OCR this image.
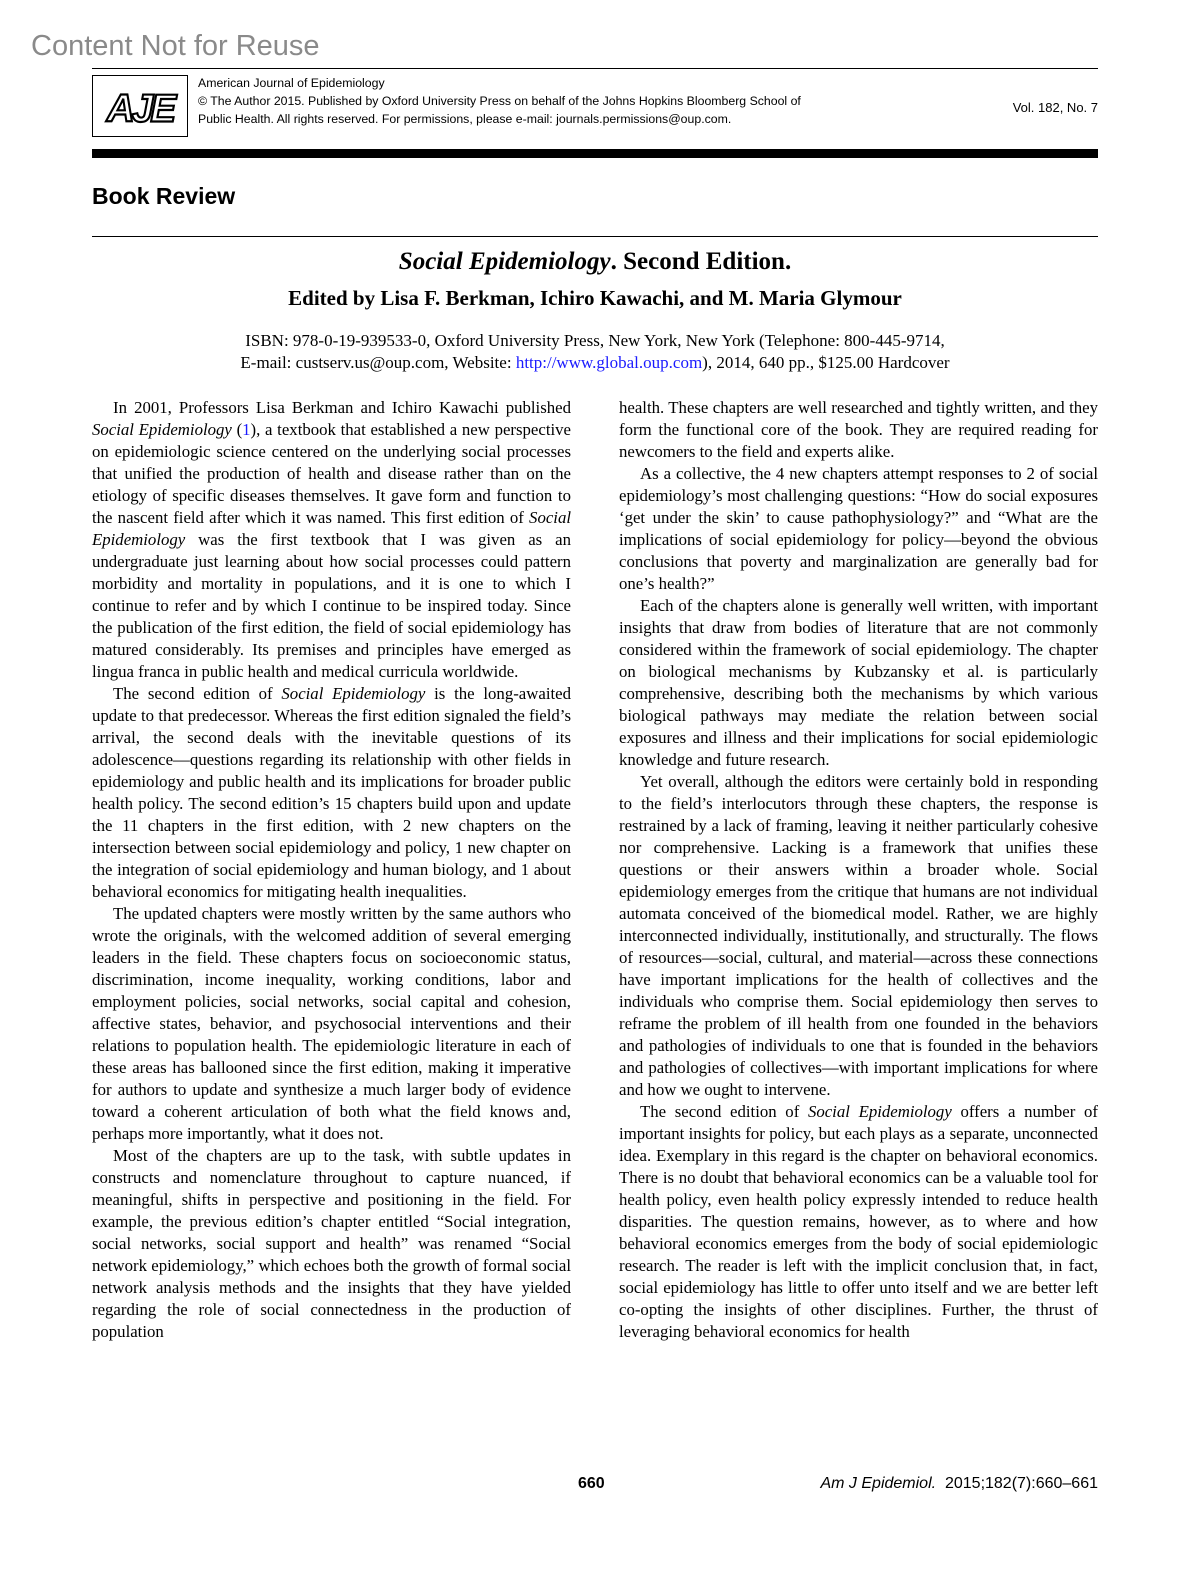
Content Not for Reuse
AJE
American Journal of Epidemiology
© The Author 2015. Published by Oxford University Press on behalf of the Johns Hopkins Bloomberg School of
Public Health. All rights reserved. For permissions, please e-mail: journals.permissions@oup.com.
Vol. 182, No. 7
Book Review
Social Epidemiology. Second Edition.
Edited by Lisa F. Berkman, Ichiro Kawachi, and M. Maria Glymour
ISBN: 978-0-19-939533-0, Oxford University Press, New York, New York (Telephone: 800-445-9714,
E-mail: custserv.us@oup.com, Website: http://www.global.oup.com), 2014, 640 pp., $125.00 Hardcover

In 2001, Professors Lisa Berkman and Ichiro Kawachi published Social Epidemiology (1), a textbook that established a new perspective on epidemiologic science centered on the underlying social processes that unified the production of health and disease rather than on the etiology of specific diseases themselves. It gave form and function to the nascent field after which it was named. This first edition of Social Epidemiology was the first textbook that I was given as an undergraduate just learning about how social processes could pattern morbidity and mortality in populations, and it is one to which I continue to refer and by which I continue to be inspired today. Since the publication of the first edition, the field of social epidemiology has matured considerably. Its premises and principles have emerged as lingua franca in public health and medical curricula worldwide.

The second edition of Social Epidemiology is the long-awaited update to that predecessor. Whereas the first edition signaled the field’s arrival, the second deals with the inevitable questions of its adolescence—questions regarding its relationship with other fields in epidemiology and public health and its implications for broader public health policy. The second edition’s 15 chapters build upon and update the 11 chapters in the first edition, with 2 new chapters on the intersection between social epidemiology and policy, 1 new chapter on the integration of social epidemiology and human biology, and 1 about behavioral economics for mitigating health inequalities.

The updated chapters were mostly written by the same authors who wrote the originals, with the welcomed addition of several emerging leaders in the field. These chapters focus on socioeconomic status, discrimination, income inequality, working conditions, labor and employment policies, social networks, social capital and cohesion, affective states, behavior, and psychosocial interventions and their relations to population health. The epidemiologic literature in each of these areas has ballooned since the first edition, making it imperative for authors to update and synthesize a much larger body of evidence toward a coherent articulation of both what the field knows and, perhaps more importantly, what it does not.

Most of the chapters are up to the task, with subtle updates in constructs and nomenclature throughout to capture nuanced, if meaningful, shifts in perspective and positioning in the field. For example, the previous edition’s chapter entitled “Social integration, social networks, social support and health” was renamed “Social network epidemiology,” which echoes both the growth of formal social network analysis methods and the insights that they have yielded regarding the role of social connectedness in the production of population

health. These chapters are well researched and tightly written, and they form the functional core of the book. They are required reading for newcomers to the field and experts alike.

As a collective, the 4 new chapters attempt responses to 2 of social epidemiology’s most challenging questions: “How do social exposures ‘get under the skin’ to cause pathophysiology?” and “What are the implications of social epidemiology for policy—beyond the obvious conclusions that poverty and marginalization are generally bad for one’s health?”

Each of the chapters alone is generally well written, with important insights that draw from bodies of literature that are not commonly considered within the framework of social epidemiology. The chapter on biological mechanisms by Kubzansky et al. is particularly comprehensive, describing both the mechanisms by which various biological pathways may mediate the relation between social exposures and illness and their implications for social epidemiologic knowledge and future research.

Yet overall, although the editors were certainly bold in responding to the field’s interlocutors through these chapters, the response is restrained by a lack of framing, leaving it neither particularly cohesive nor comprehensive. Lacking is a framework that unifies these questions or their answers within a broader whole. Social epidemiology emerges from the critique that humans are not individual automata conceived of the biomedical model. Rather, we are highly interconnected individually, institutionally, and structurally. The flows of resources—social, cultural, and material—across these connections have important implications for the health of collectives and the individuals who comprise them. Social epidemiology then serves to reframe the problem of ill health from one founded in the behaviors and pathologies of individuals to one that is founded in the behaviors and pathologies of collectives—with important implications for where and how we ought to intervene.

The second edition of Social Epidemiology offers a number of important insights for policy, but each plays as a separate, unconnected idea. Exemplary in this regard is the chapter on behavioral economics. There is no doubt that behavioral economics can be a valuable tool for health policy, even health policy expressly intended to reduce health disparities. The question remains, however, as to where and how behavioral economics emerges from the body of social epidemiologic research. The reader is left with the implicit conclusion that, in fact, social epidemiology has little to offer unto itself and we are better left co-opting the insights of other disciplines. Further, the thrust of leveraging behavioral economics for health

660	Am J Epidemiol. 2015;182(7):660–661
